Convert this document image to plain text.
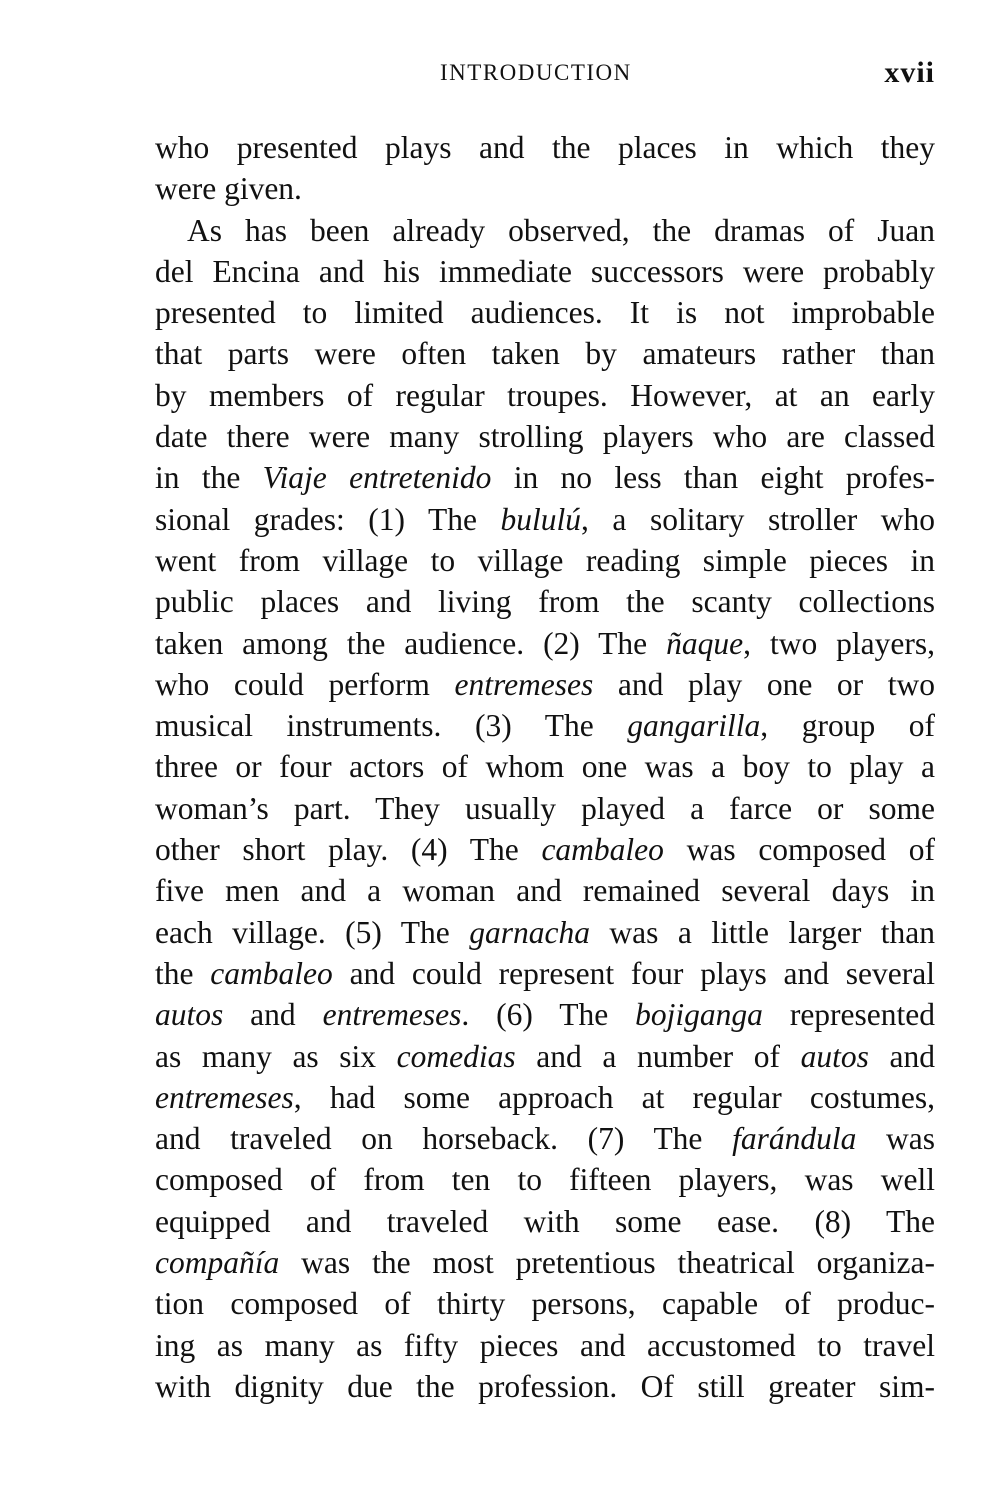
INTRODUCTION	xvii
who presented plays and the places in which they
were given.
As has been already observed, the dramas of Juan
del Encina and his immediate successors were probably
presented to limited audiences. It is not improbable
that parts were often taken by amateurs rather than
by members of regular troupes. However, at an early
date there were many strolling players who are classed
in the Viaje entretenido in no less than eight profes-
sional grades: (1) The bululú, a solitary stroller who
went from village to village reading simple pieces in
public places and living from the scanty collections
taken among the audience. (2) The ñaque, two players,
who could perform entremeses and play one or two
musical instruments. (3) The gangarilla, group of
three or four actors of whom one was a boy to play a
woman’s part. They usually played a farce or some
other short play. (4) The cambaleo was composed of
five men and a woman and remained several days in
each village. (5) The garnacha was a little larger than
the cambaleo and could represent four plays and several
autos and entremeses. (6) The bojiganga represented
as many as six comedias and a number of autos and
entremeses, had some approach at regular costumes,
and traveled on horseback. (7) The farándula was
composed of from ten to fifteen players, was well
equipped and traveled with some ease. (8) The
compañía was the most pretentious theatrical organiza-
tion composed of thirty persons, capable of produc-
ing as many as fifty pieces and accustomed to travel
with dignity due the profession. Of still greater sim-
